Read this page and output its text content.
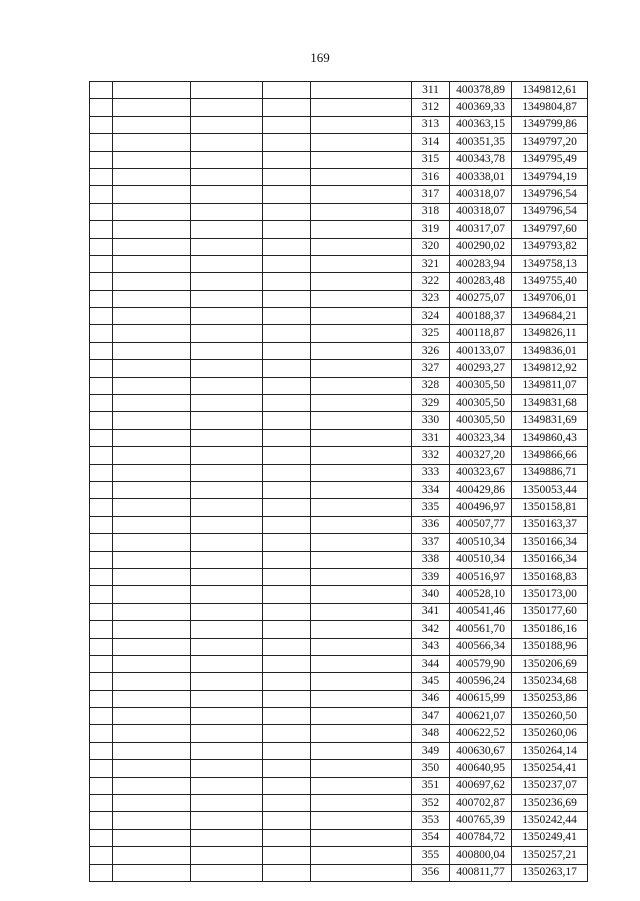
169
					311	400378,89	1349812,61
					312	400369,33	1349804,87
					313	400363,15	1349799,86
					314	400351,35	1349797,20
					315	400343,78	1349795,49
					316	400338,01	1349794,19
					317	400318,07	1349796,54
					318	400318,07	1349796,54
					319	400317,07	1349797,60
					320	400290,02	1349793,82
					321	400283,94	1349758,13
					322	400283,48	1349755,40
					323	400275,07	1349706,01
					324	400188,37	1349684,21
					325	400118,87	1349826,11
					326	400133,07	1349836,01
					327	400293,27	1349812,92
					328	400305,50	1349811,07
					329	400305,50	1349831,68
					330	400305,50	1349831,69
					331	400323,34	1349860,43
					332	400327,20	1349866,66
					333	400323,67	1349886,71
					334	400429,86	1350053,44
					335	400496,97	1350158,81
					336	400507,77	1350163,37
					337	400510,34	1350166,34
					338	400510,34	1350166,34
					339	400516,97	1350168,83
					340	400528,10	1350173,00
					341	400541,46	1350177,60
					342	400561,70	1350186,16
					343	400566,34	1350188,96
					344	400579,90	1350206,69
					345	400596,24	1350234,68
					346	400615,99	1350253,86
					347	400621,07	1350260,50
					348	400622,52	1350260,06
					349	400630,67	1350264,14
					350	400640,95	1350254,41
					351	400697,62	1350237,07
					352	400702,87	1350236,69
					353	400765,39	1350242,44
					354	400784,72	1350249,41
					355	400800,04	1350257,21
					356	400811,77	1350263,17
